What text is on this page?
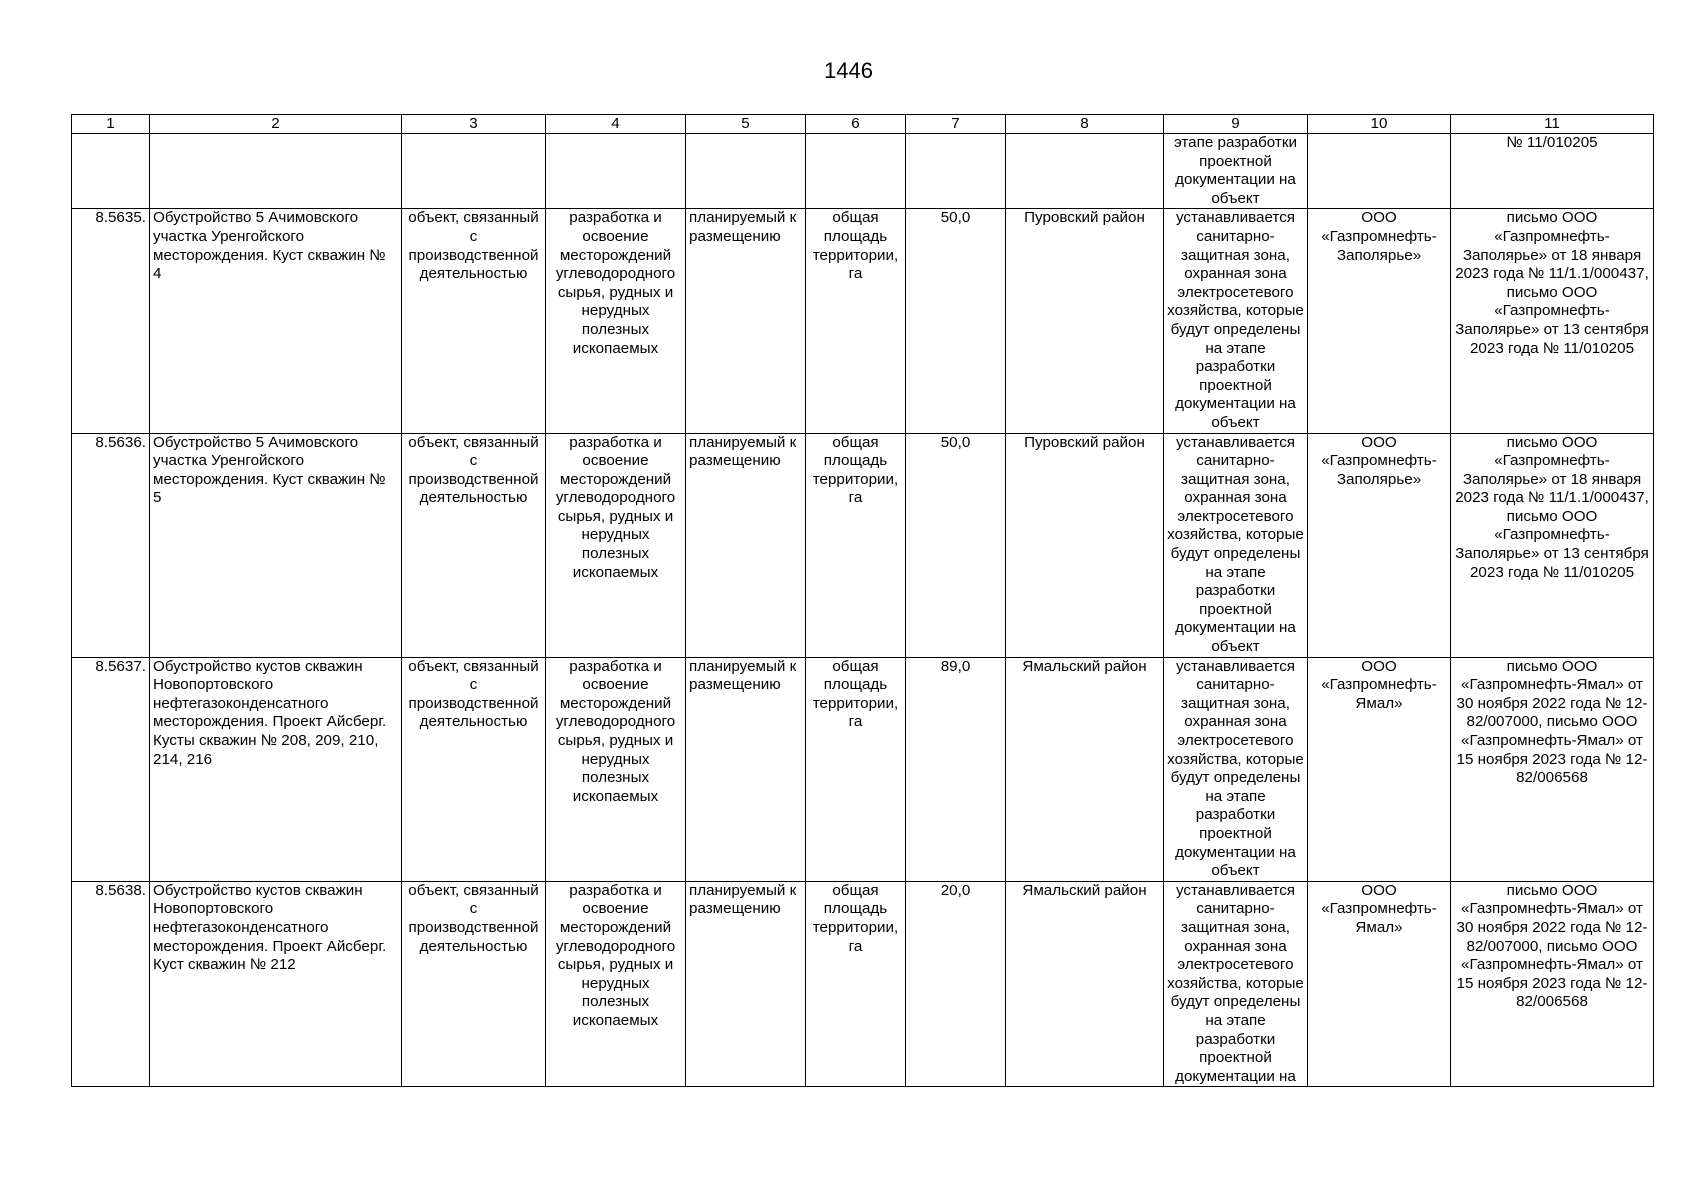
1446
1	2	3	4	5	6	7	8	9	10	11
								этапе разработки проектной документации на объект		№ 11/010205
8.5635.	Обустройство 5 Ачимовского участка Уренгойского месторождения. Куст скважин № 4	объект, связанный с производственной деятельностью	разработка и освоение месторождений углеводородного сырья, рудных и нерудных полезных ископаемых	планируемый к размещению	общая площадь территории, га	50,0	Пуровский район	устанавливается санитарно-защитная зона, охранная зона электросетевого хозяйства, которые будут определены на этапе разработки проектной документации на объект	ООО «Газпромнефть-Заполярье»	письмо ООО «Газпромнефть-Заполярье» от 18 января 2023 года № 11/1.1/000437, письмо ООО «Газпромнефть-Заполярье» от 13 сентября 2023 года № 11/010205
8.5636.	Обустройство 5 Ачимовского участка Уренгойского месторождения. Куст скважин № 5	объект, связанный с производственной деятельностью	разработка и освоение месторождений углеводородного сырья, рудных и нерудных полезных ископаемых	планируемый к размещению	общая площадь территории, га	50,0	Пуровский район	устанавливается санитарно-защитная зона, охранная зона электросетевого хозяйства, которые будут определены на этапе разработки проектной документации на объект	ООО «Газпромнефть-Заполярье»	письмо ООО «Газпромнефть-Заполярье» от 18 января 2023 года № 11/1.1/000437, письмо ООО «Газпромнефть-Заполярье» от 13 сентября 2023 года № 11/010205
8.5637.	Обустройство кустов скважин Новопортовского нефтегазоконденсатного месторождения. Проект Айсберг. Кусты скважин № 208, 209, 210, 214, 216	объект, связанный с производственной деятельностью	разработка и освоение месторождений углеводородного сырья, рудных и нерудных полезных ископаемых	планируемый к размещению	общая площадь территории, га	89,0	Ямальский район	устанавливается санитарно-защитная зона, охранная зона электросетевого хозяйства, которые будут определены на этапе разработки проектной документации на объект	ООО «Газпромнефть-Ямал»	письмо ООО «Газпромнефть-Ямал» от 30 ноября 2022 года № 12-82/007000, письмо ООО «Газпромнефть-Ямал» от 15 ноября 2023 года № 12-82/006568
8.5638.	Обустройство кустов скважин Новопортовского нефтегазоконденсатного месторождения. Проект Айсберг. Куст скважин № 212	объект, связанный с производственной деятельностью	разработка и освоение месторождений углеводородного сырья, рудных и нерудных полезных ископаемых	планируемый к размещению	общая площадь территории, га	20,0	Ямальский район	устанавливается санитарно-защитная зона, охранная зона электросетевого хозяйства, которые будут определены на этапе разработки проектной документации на	ООО «Газпромнефть-Ямал»	письмо ООО «Газпромнефть-Ямал» от 30 ноября 2022 года № 12-82/007000, письмо ООО «Газпромнефть-Ямал» от 15 ноября 2023 года № 12-82/006568
